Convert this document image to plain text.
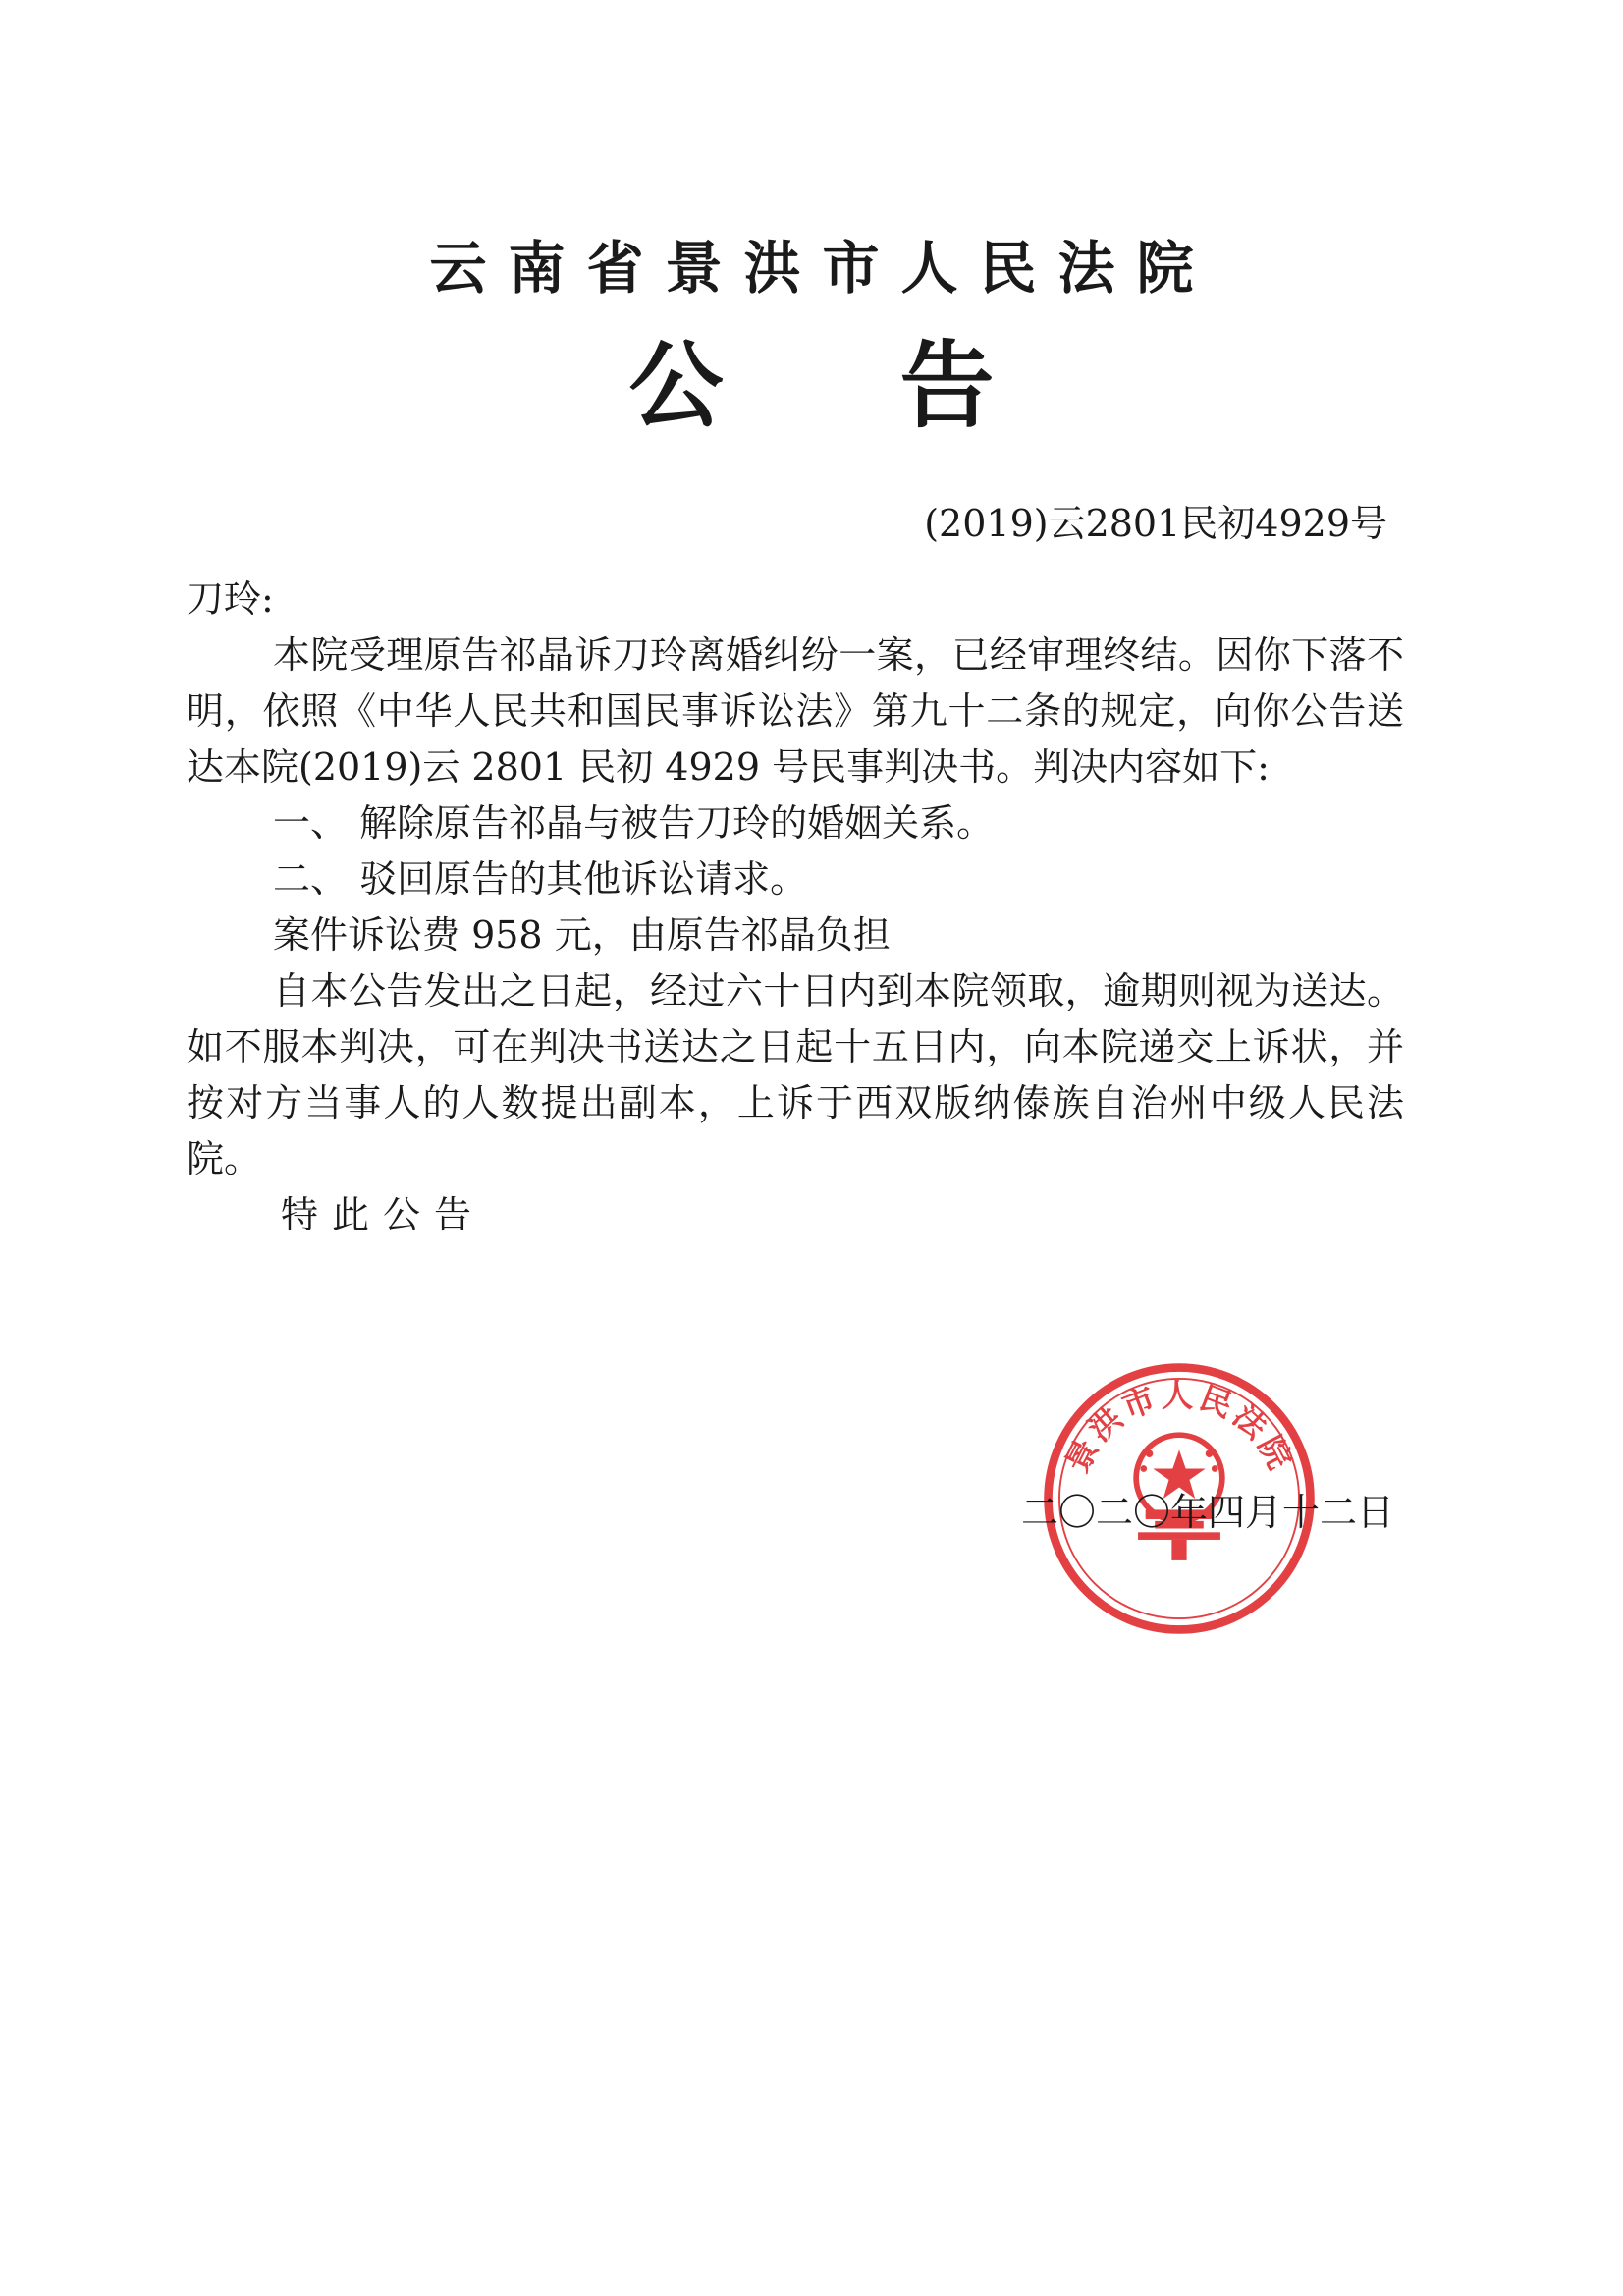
云南省景洪市人民法院
公 告
(2019)云2801民初4929号

刀玲:

本院受理原告祁晶诉刀玲离婚纠纷一案，已经审理终结。因你下落不明，依照《中华人民共和国民事诉讼法》第九十二条的规定，向你公告送达本院(2019)云 2801 民初 4929 号民事判决书。判决内容如下:

一、 解除原告祁晶与被告刀玲的婚姻关系。

二、 驳回原告的其他诉讼请求。

案件诉讼费 958 元，由原告祁晶负担

自本公告发出之日起，经过六十日内到本院领取，逾期则视为送达。如不服本判决，可在判决书送达之日起十五日内，向本院递交上诉状，并按对方当事人的人数提出副本，上诉于西双版纳傣族自治州中级人民法院。

特此公告

景洪市人民法院
二〇二〇年四月十二日
